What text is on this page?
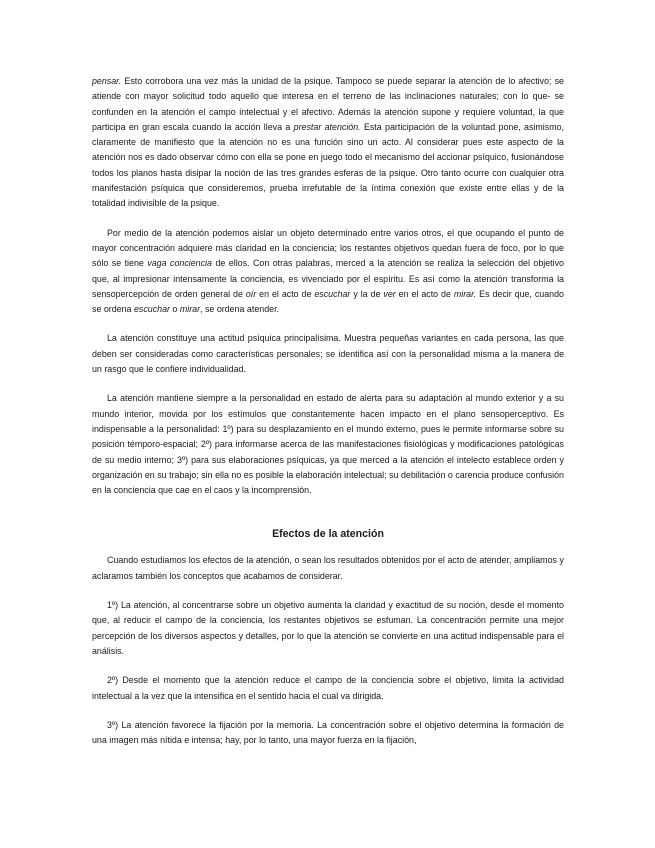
pensar. Esto corrobora una vez más la unidad de la psique. Tampoco se puede separar la atención de lo afectivo; se atiende con mayor solicitud todo aquello que interesa en el terreno de las inclinaciones naturales; con lo que- se confunden en la atención el campo intelectual y el afectivo. Además la atención supone y requiere voluntad, la que participa en gran escala cuando la acción lleva a prestar atención. Esta participación de la voluntad pone, asimismo, claramente de manifiesto que la atención no es una función sino un acto. Al considerar pues este aspecto de la atención nos es dado observar cómo con ella se pone en juego todo el mecanismo del accionar psíquico, fusionándose todos los planos hasta disipar la noción de las tres grandes esferas de la psique. Otro tanto ocurre con cualquier otra manifestación psíquica que consideremos, prueba irrefutable de la íntima conexión que existe entre ellas y de la totalidad indivisible de la psique.

Por medio de la atención podemos aislar un objeto determinado entre varios otros, el que ocupando el punto de mayor concentración adquiere más claridad en la conciencia; los restantes objetivos quedan fuera de foco, por lo que sólo se tiene vaga conciencia de ellos. Con otras palabras, merced a la atención se realiza la selección del objetivo que, al impresionar intensamente la conciencia, es vivenciado por el espíritu. Es así como la atención transforma la sensopercepción de orden general de oír en el acto de escuchar y la de ver en el acto de mirar. Es decir que, cuando se ordena escuchar o mirar, se ordena atender.

La atención constituye una actitud psíquica principalísima. Muestra pequeñas variantes en cada persona, las que deben ser consideradas como características personales; se identifica así con la personalidad misma a la manera de un rasgo que le confiere individualidad.

La atención mantiene siempre a la personalidad en estado de alerta para su adaptación al mundo exterior y a su mundo interior, movida por los estímulos que constantemente hacen impacto en el plano sensoperceptivo. Es indispensable a la personalidad: 1º) para su desplazamiento en el mundo externo, pues le permite informarse sobre su posición témporo-espacial; 2º) para informarse acerca de las manifestaciones fisiológicas y modificaciones patológicas de su medio interno; 3º) para sus elaboraciones psíquicas, ya que merced a la atención el intelecto establece orden y organización en su trabajo; sin ella no es posible la elaboración intelectual; su debilitación o carencia produce confusión en la conciencia que cae en el caos y la incomprensión.

Efectos de la atención

Cuando estudiamos los efectos de la atención, o sean los resultados obtenidos por el acto de atender, ampliamos y aclaramos también los conceptos que acabamos de considerar.

1º) La atención, al concentrarse sobre un objetivo aumenta la claridad y exactitud de su noción, desde el momento que, al reducir el campo de la conciencia, los restantes objetivos se esfuman. La concentración permite una mejor percepción de los diversos aspectos y detalles, por lo que la atención se convierte en una actitud indispensable para el análisis.

2º) Desde el momento que la atención reduce el campo de la conciencia sobre el objetivo, limita la actividad intelectual a la vez que la intensifica en el sentido hacia el cual va dirigida.

3º) La atención favorece la fijación por la memoria. La concentración sobre el objetivo determina la formación de una imagen más nítida e intensa; hay, por lo tanto, una mayor fuerza en la fijación,
